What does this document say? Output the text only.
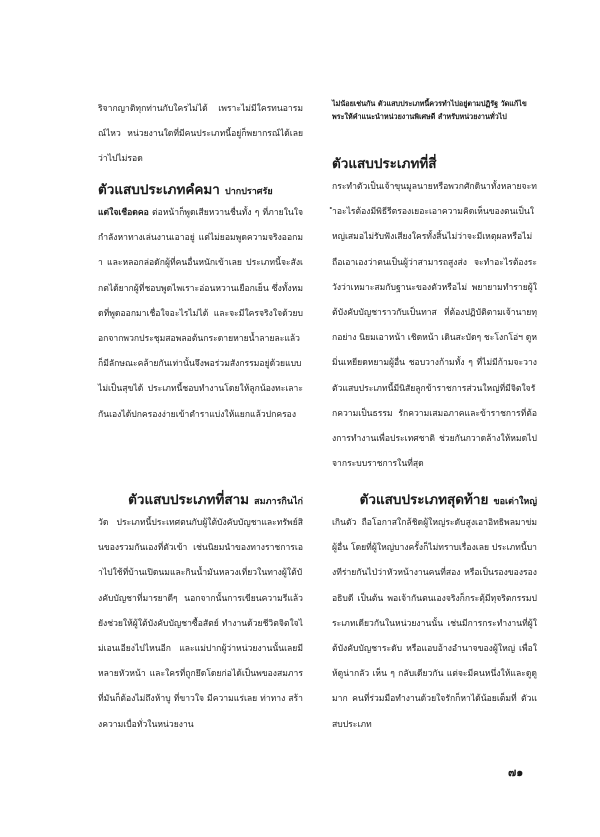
ริจากญาติทุกท่านกับใครไม่ได้ เพราะไม่มีใครทนอารมณ์ไหว หน่วยงานใดที่มีคนประเภทนี้อยู่ก็พยากรณ์ได้เลยว่าไปไม่รอด

ตัวแสบประเภทคํคมา ปากปราศรัย

แต่ใจเชือดคอ ต่อหน้าก็พูดเสียหวานชื่นทั้ง ๆ ที่ภายในใจกำลังหาทางเล่นงานเอาอยู่ แต่ไม่ยอมพูดความจริงออกมา และหลอกล่อดักผู้ที่คนอื่นหนักเข้าเลย ประเภทนี้จะสังเกตได้ยากผู้ที่ชอบพูดไพเราะอ่อนหวานเยือกเย็น ซึ่งทั้งหมดที่พูดออกมาเชื่อใจอะไรไม่ได้ และจะมีใครจริงใจด้วยบอกจากพวกประชุมสอพลอต้นกระดายหายน้ำลายละแล้ว ก็มีลักษณะคล้ายกันเท่านั้นจึงพอร่วมสังกรรมอยู่ด้วยแบบไม่เป็นสุขได้ ประเภทนี้ชอบทำงานโดยให้ลูกน้องทะเลาะกันเองได้ปกครองง่ายเข้าตำราแบ่งให้แยกแล้วปกครอง

ตัวแสบประเภทที่สาม สมภารกินไก่

วัด ประเภทนี้ประเทศตนกับผู้ใต้บังคับบัญชาและทรัพย์สินของรวมกันเองที่ตัวเข้า เช่นนิยมนำของทางราชการเอาไปใช้ที่บ้านเปิดนมและกินน้ำมันหลวงเที่ยวในทางผู้ใต้บังคับบัญชาที่มารยาดีๆ นอกจากนั้นการเขียนความรีแล้วยังช่วยให้ผู้ใต้บังคับบัญชาซื้อสัตย์ ทำงานด้วยชีวิตจิตใจไม่เอนเอียงไปไหนอีก และแม่ปากผู้ว่าหน่วยงานนั้นเลยมีหลายหัวหน้า และใครที่ถูกยึดโดยก่อได้เป็นพของสมภารที่มันก็ต้องไม่ถึงห้าบู ที่ขาวใจ มีความแร่เลย ท่าทาง สร้างความเบื่อทั่วในหน่วยงาน

ไม่น้อยเช่นกัน ตัวแสบประเภทนี้ควรทำไปอยู่ตามปฏิรัฐ วัดแก้ไขพระให้คำแนะนำหน่วยงานพิเศษดี สำหรับหน่วยงานทั่วไป

ตัวแสบประเภทที่สี่

กระทำตัวเป็นเจ้าขุนมูลนายหรือพวกศักดินาทั้งหลายจะทำอะไรต้องมีพิธีรีตรองเยอะเอาความคิดเห็นของตนเป็นใหญ่เสมอไม่รับฟังเสียงใครทั้งสิ้นไม่ว่าจะมีเหตุผลหรือไม่ ถือเอาเองว่าตนเป็นผู้ว่าสามารถสูงส่ง จะทำอะไรต้องระวังว่าเหมาะสมกับฐานะของตัวหรือไม่ พยายามทำรายผู้ใต้บังคับบัญชาราวกับเป็นทาส ที่ต้องปฏิบัติตามเจ้านายทุกอย่าง นิยมเอาหน้า เชิดหน้า เดินสะบัดๆ ชะโงกโอ่ฯ ดูหมิ่นเหยียดหยามผู้อื่น ชอบวางก้ามทั้ง ๆ ที่ไม่มีก้ามจะวางตัวแสบประเภทนี้มีนิสัยลูกข้าราชการส่วนใหญ่ที่มีจิตใจรักความเป็นธรรม รักความเสมอภาคและข้าราชการที่ต้องการทำงานเพื่อประเทศชาติ ช่วยกันกวาดล้างให้หมดไปจากระบบราชการในที่สุด

ตัวแสบประเภทสุดท้าย ขอเต่าใหญ่

เกินตัว ถือโอกาสใกล้ชิดผู้ใหญ่ระดับสูงเอาอิทธิพลมาข่มผู้อื่น โดยที่ผู้ใหญ่บางครั้งก็ไม่ทราบเรื่องเลย ประเภทนี้บางทีร่ายกันไป่ว่าหัวหน้างานคนที่สอง หรือเป็นรองของรองอธิบดี เป็นต้น พอเจ้ากันตนเองจริงก็กระตุ้มีทุจริตกรรมประเภทเดียวกันในหน่วยงานนั้น เช่นมีการกระทำงานที่ผู้ใต้บังคับบัญชาระดับ หรือแอบอ้างอำนาจของผู้ใหญ่ เพื่อให้ดูน่ากลัว เห็น ๆ กลับเดียวกัน แต่จะมีคนหนึ่งให้และดูดูมาก คนที่ร่วมมือทำงานด้วยใจรักก็หาได้น้อยเต็มที่ ตัวแสบประเภท

๗๑
